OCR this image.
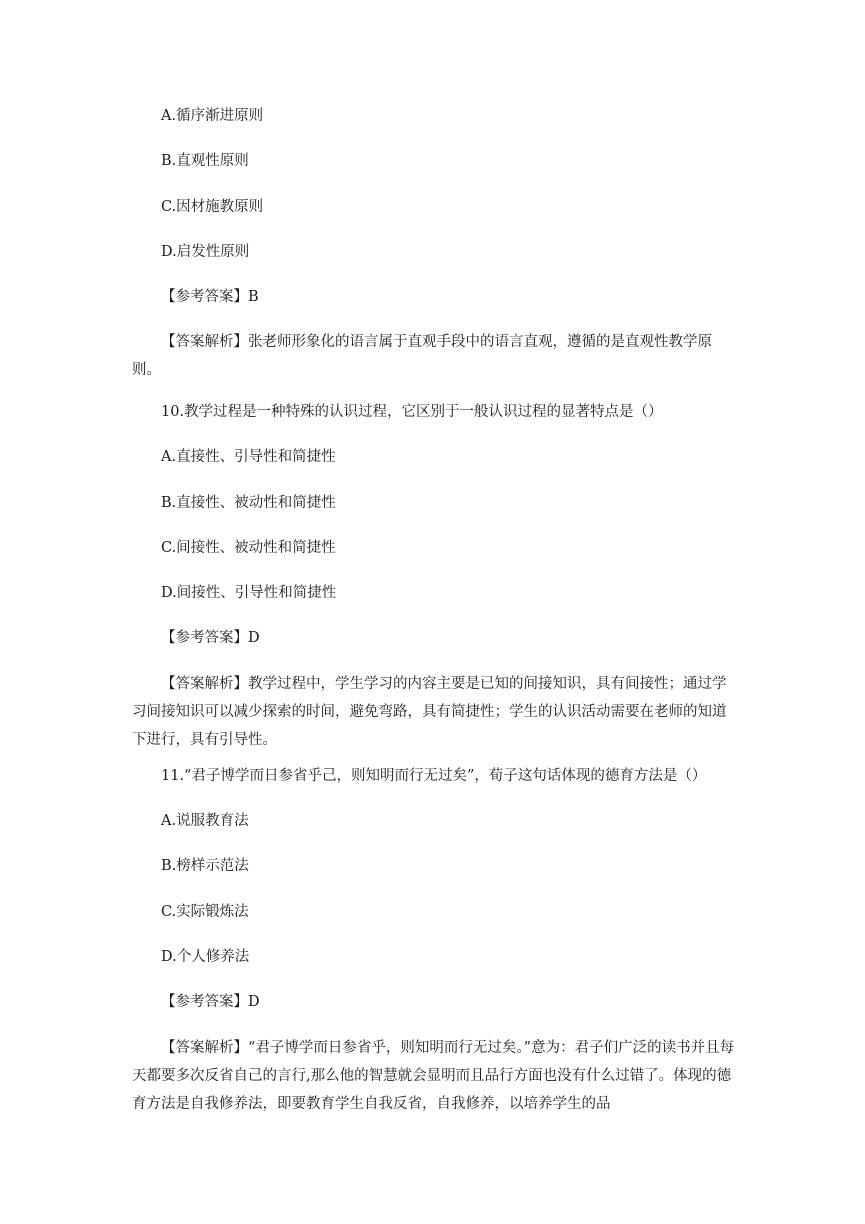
A.循序渐进原则
B.直观性原则
C.因材施教原则
D.启发性原则
【参考答案】B
【答案解析】张老师形象化的语言属于直观手段中的语言直观，遵循的是直观性教学原则。
10.教学过程是一种特殊的认识过程，它区别于一般认识过程的显著特点是（）
A.直接性、引导性和简捷性
B.直接性、被动性和简捷性
C.间接性、被动性和简捷性
D.间接性、引导性和简捷性
【参考答案】D
【答案解析】教学过程中，学生学习的内容主要是已知的间接知识，具有间接性；通过学习间接知识可以减少探索的时间，避免弯路，具有简捷性；学生的认识活动需要在老师的知道下进行，具有引导性。
11.“君子博学而日参省乎己，则知明而行无过矣”，荀子这句话体现的德育方法是（）
A.说服教育法
B.榜样示范法
C.实际锻炼法
D.个人修养法
【参考答案】D
【答案解析】“君子博学而日参省乎，则知明而行无过矣。”意为：君子们广泛的读书并且每天都要多次反省自己的言行,那么他的智慧就会显明而且品行方面也没有什么过错了。体现的德育方法是自我修养法，即要教育学生自我反省，自我修养，以培养学生的品
